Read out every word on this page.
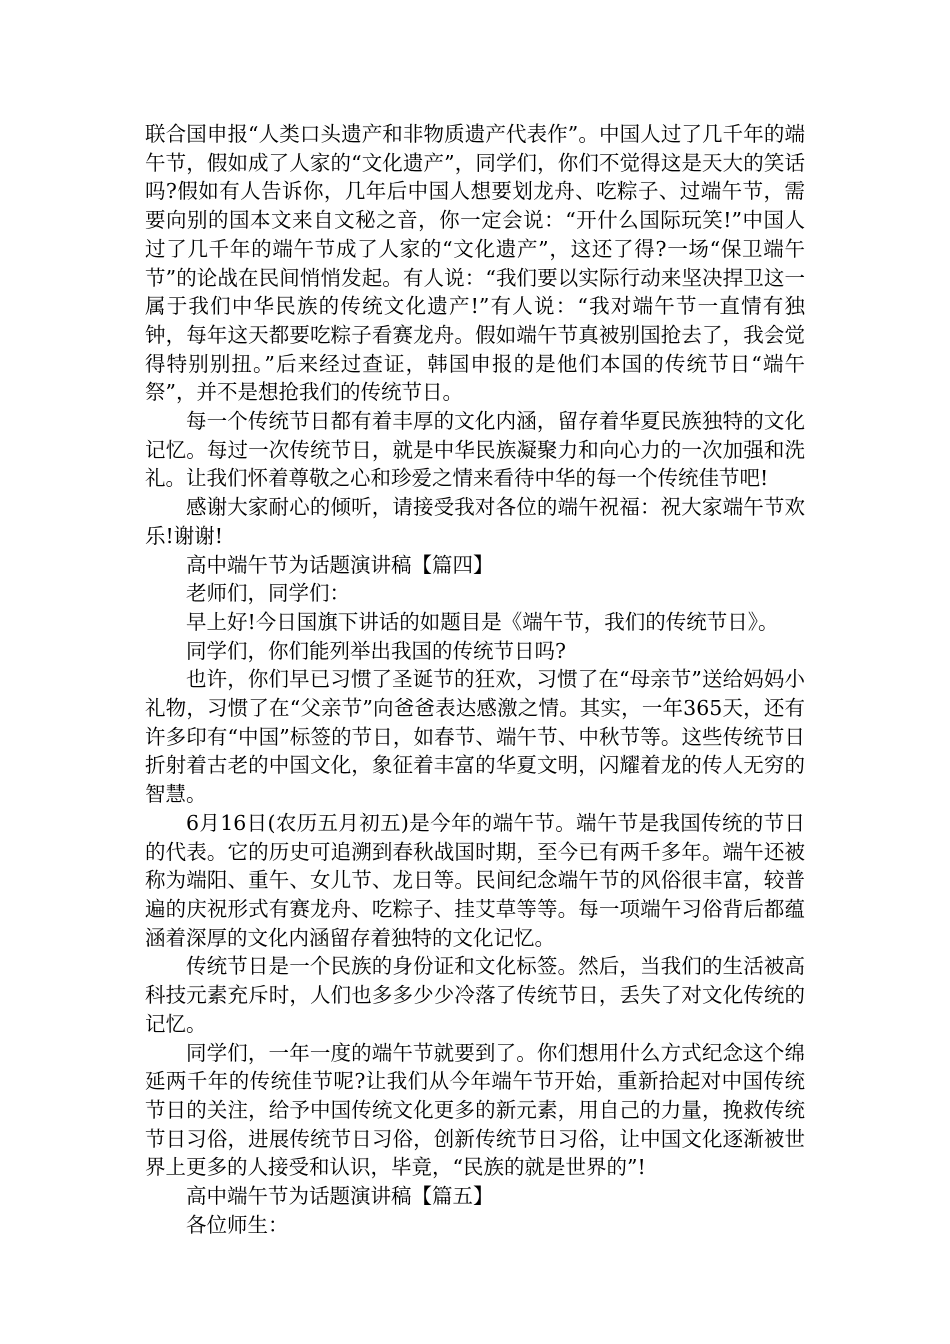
联合国申报“人类口头遗产和非物质遗产代表作”。中国人过了几千年的端午节，假如成了人家的“文化遗产”，同学们，你们不觉得这是天大的笑话吗?假如有人告诉你，几年后中国人想要划龙舟、吃粽子、过端午节，需要向别的国本文来自文秘之音，你一定会说：“开什么国际玩笑!”中国人过了几千年的端午节成了人家的“文化遗产”，这还了得?一场“保卫端午节”的论战在民间悄悄发起。有人说：“我们要以实际行动来坚决捍卫这一属于我们中华民族的传统文化遗产!”有人说：“我对端午节一直情有独钟，每年这天都要吃粽子看赛龙舟。假如端午节真被别国抢去了，我会觉得特别别扭。”后来经过查证，韩国申报的是他们本国的传统节日“端午祭”，并不是想抢我们的传统节日。

每一个传统节日都有着丰厚的文化内涵，留存着华夏民族独特的文化记忆。每过一次传统节日，就是中华民族凝聚力和向心力的一次加强和洗礼。让我们怀着尊敬之心和珍爱之情来看待中华的每一个传统佳节吧!

感谢大家耐心的倾听，请接受我对各位的端午祝福：祝大家端午节欢乐!谢谢!

高中端午节为话题演讲稿【篇四】

老师们，同学们：

早上好!今日国旗下讲话的如题目是《端午节，我们的传统节日》。

同学们，你们能列举出我国的传统节日吗?

也许，你们早已习惯了圣诞节的狂欢，习惯了在“母亲节”送给妈妈小礼物，习惯了在“父亲节”向爸爸表达感激之情。其实，一年365天，还有许多印有“中国”标签的节日，如春节、端午节、中秋节等。这些传统节日折射着古老的中国文化，象征着丰富的华夏文明，闪耀着龙的传人无穷的智慧。

6月16日(农历五月初五)是今年的端午节。端午节是我国传统的节日的代表。它的历史可追溯到春秋战国时期，至今已有两千多年。端午还被称为端阳、重午、女儿节、龙日等。民间纪念端午节的风俗很丰富，较普遍的庆祝形式有赛龙舟、吃粽子、挂艾草等等。每一项端午习俗背后都蕴涵着深厚的文化内涵留存着独特的文化记忆。

传统节日是一个民族的身份证和文化标签。然后，当我们的生活被高科技元素充斥时，人们也多多少少冷落了传统节日，丢失了对文化传统的记忆。

同学们，一年一度的端午节就要到了。你们想用什么方式纪念这个绵延两千年的传统佳节呢?让我们从今年端午节开始，重新拾起对中国传统节日的关注，给予中国传统文化更多的新元素，用自己的力量，挽救传统节日习俗，进展传统节日习俗，创新传统节日习俗，让中国文化逐渐被世界上更多的人接受和认识，毕竟，“民族的就是世界的”!

高中端午节为话题演讲稿【篇五】

各位师生：
